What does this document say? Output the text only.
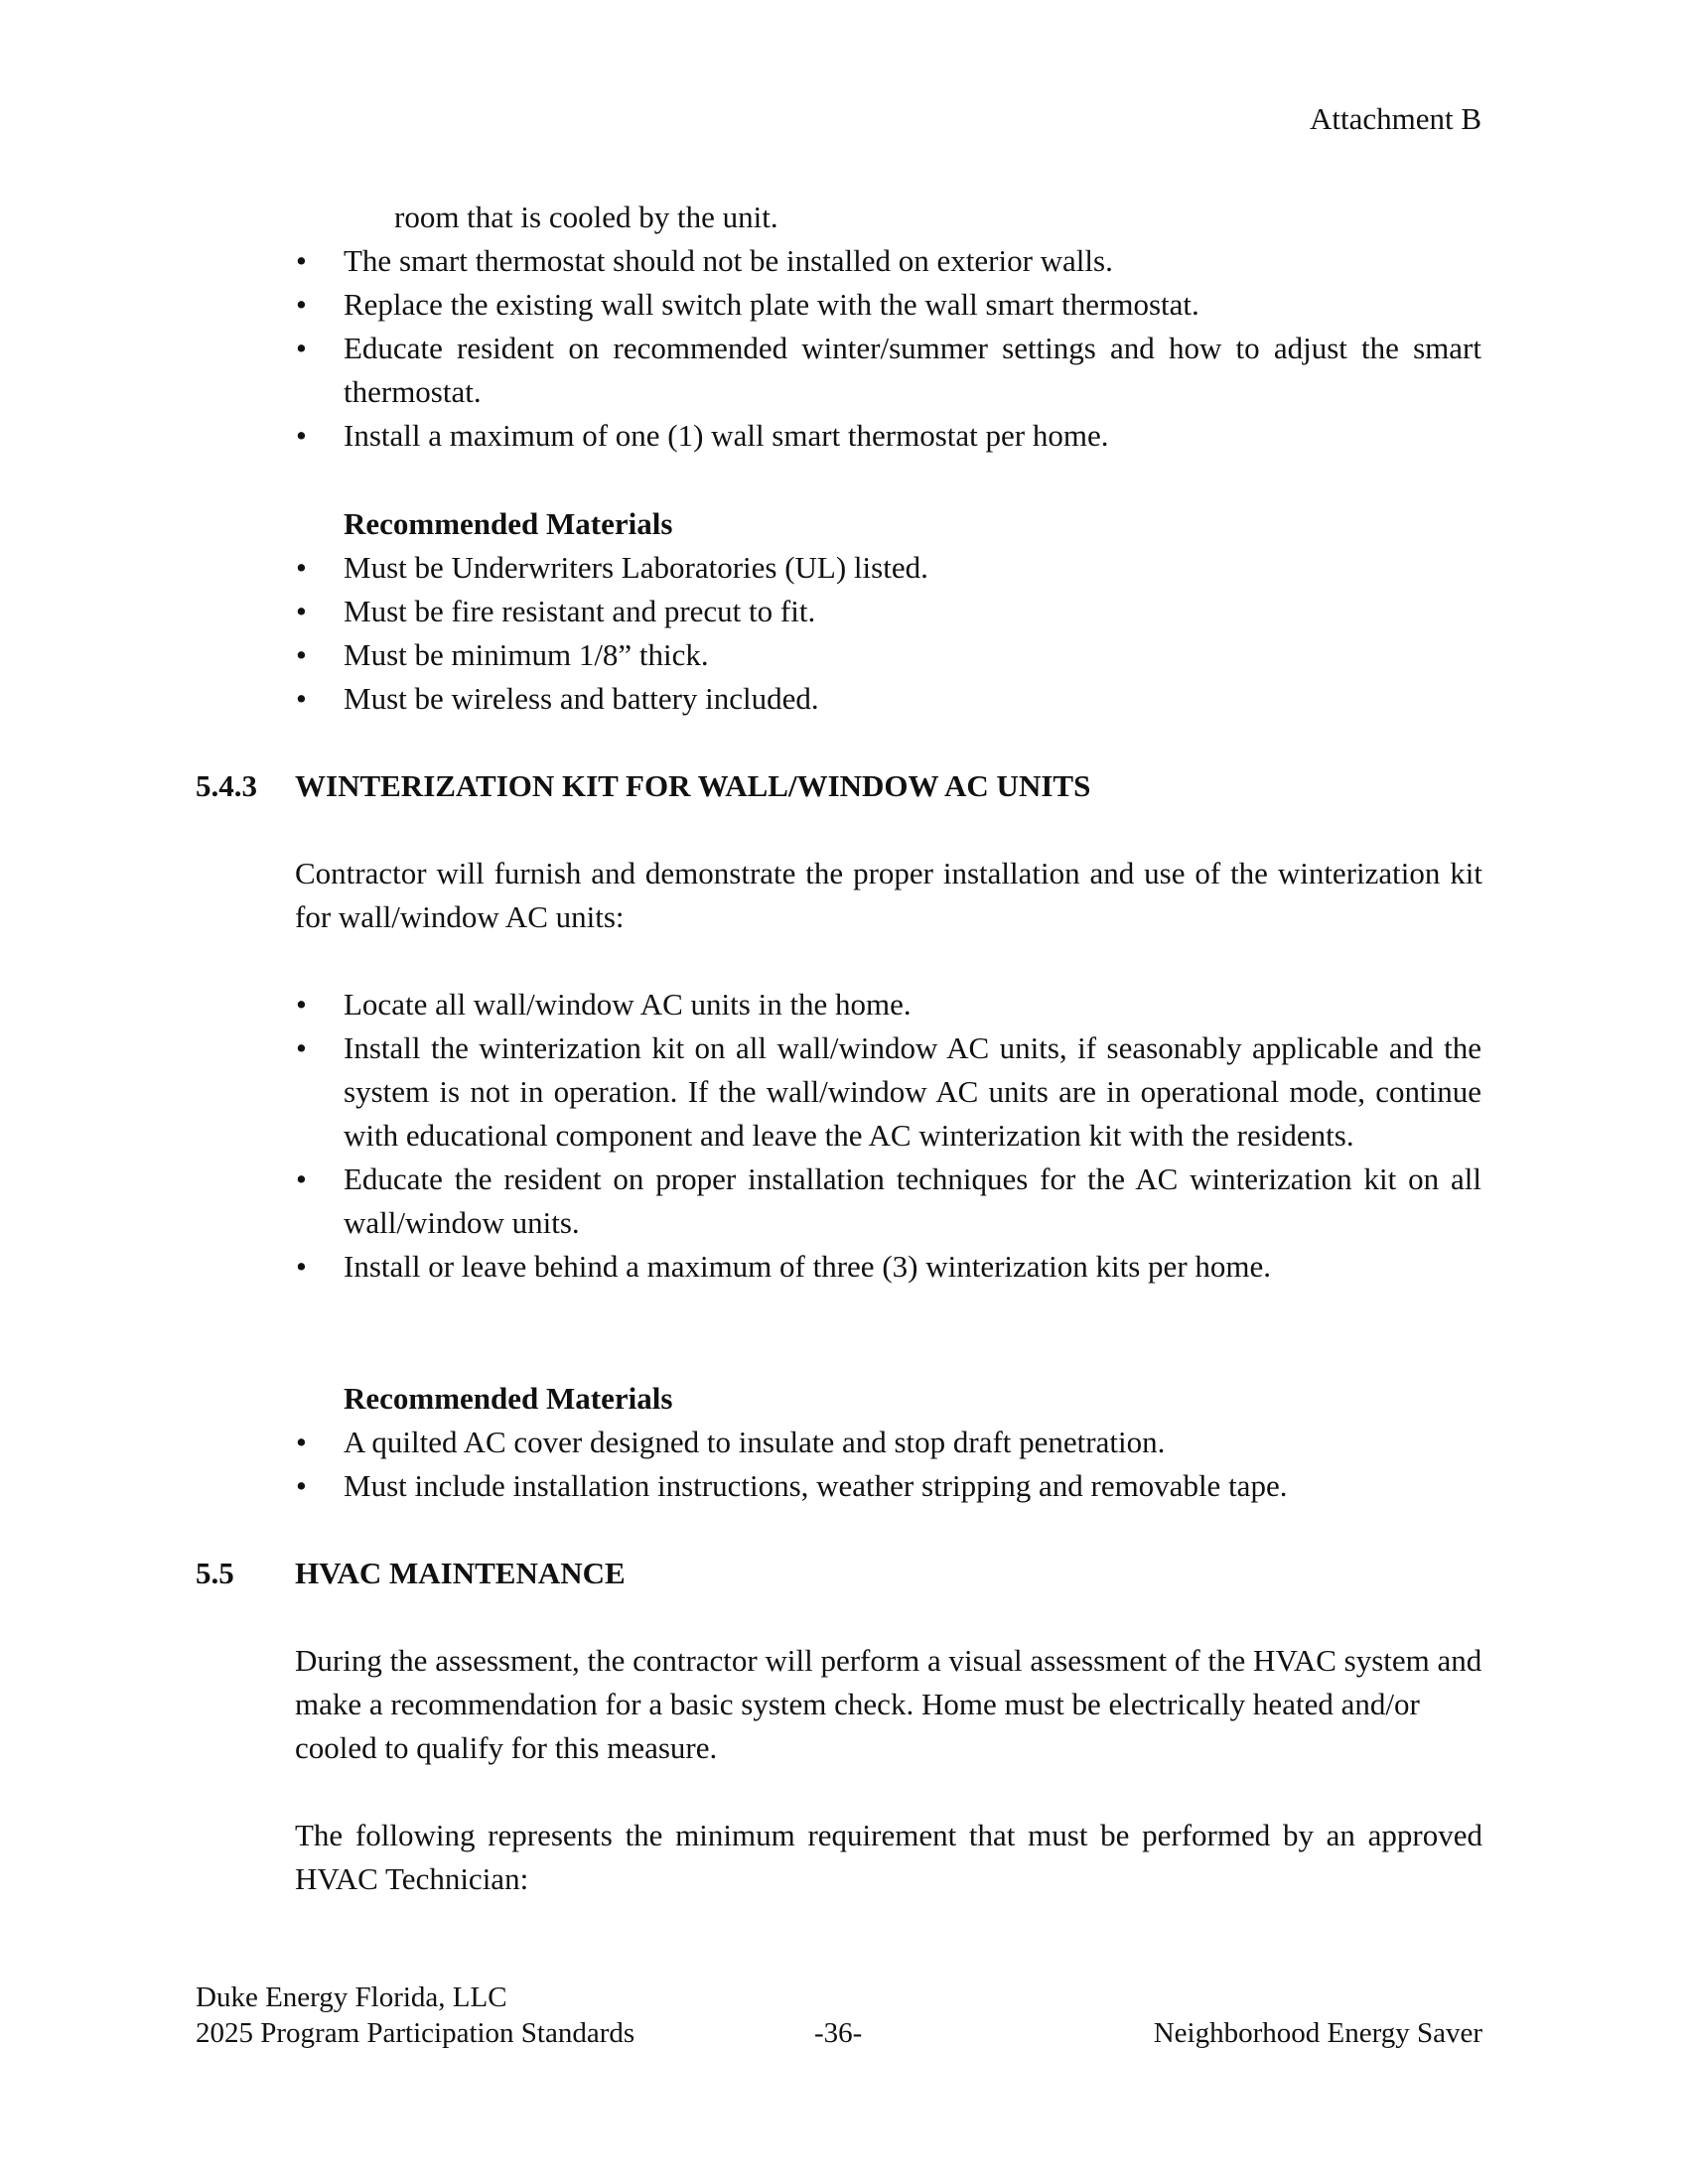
Attachment B
room that is cooled by the unit.
• The smart thermostat should not be installed on exterior walls.
• Replace the existing wall switch plate with the wall smart thermostat.
• Educate resident on recommended winter/summer settings and how to adjust the smart thermostat.
• Install a maximum of one (1) wall smart thermostat per home.
Recommended Materials
• Must be Underwriters Laboratories (UL) listed.
• Must be fire resistant and precut to fit.
• Must be minimum 1/8” thick.
• Must be wireless and battery included.
5.4.3 WINTERIZATION KIT FOR WALL/WINDOW AC UNITS

Contractor will furnish and demonstrate the proper installation and use of the winterization kit for wall/window AC units:

• Locate all wall/window AC units in the home.
• Install the winterization kit on all wall/window AC units, if seasonably applicable and the system is not in operation. If the wall/window AC units are in operational mode, continue with educational component and leave the AC winterization kit with the residents.
• Educate the resident on proper installation techniques for the AC winterization kit on all wall/window units.
• Install or leave behind a maximum of three (3) winterization kits per home.
Recommended Materials
• A quilted AC cover designed to insulate and stop draft penetration.
• Must include installation instructions, weather stripping and removable tape.
5.5 HVAC MAINTENANCE

During the assessment, the contractor will perform a visual assessment of the HVAC system and make a recommendation for a basic system check. Home must be electrically heated and/or cooled to qualify for this measure.

The following represents the minimum requirement that must be performed by an approved HVAC Technician:

Duke Energy Florida, LLC
2025 Program Participation Standards	-36-	Neighborhood Energy Saver
